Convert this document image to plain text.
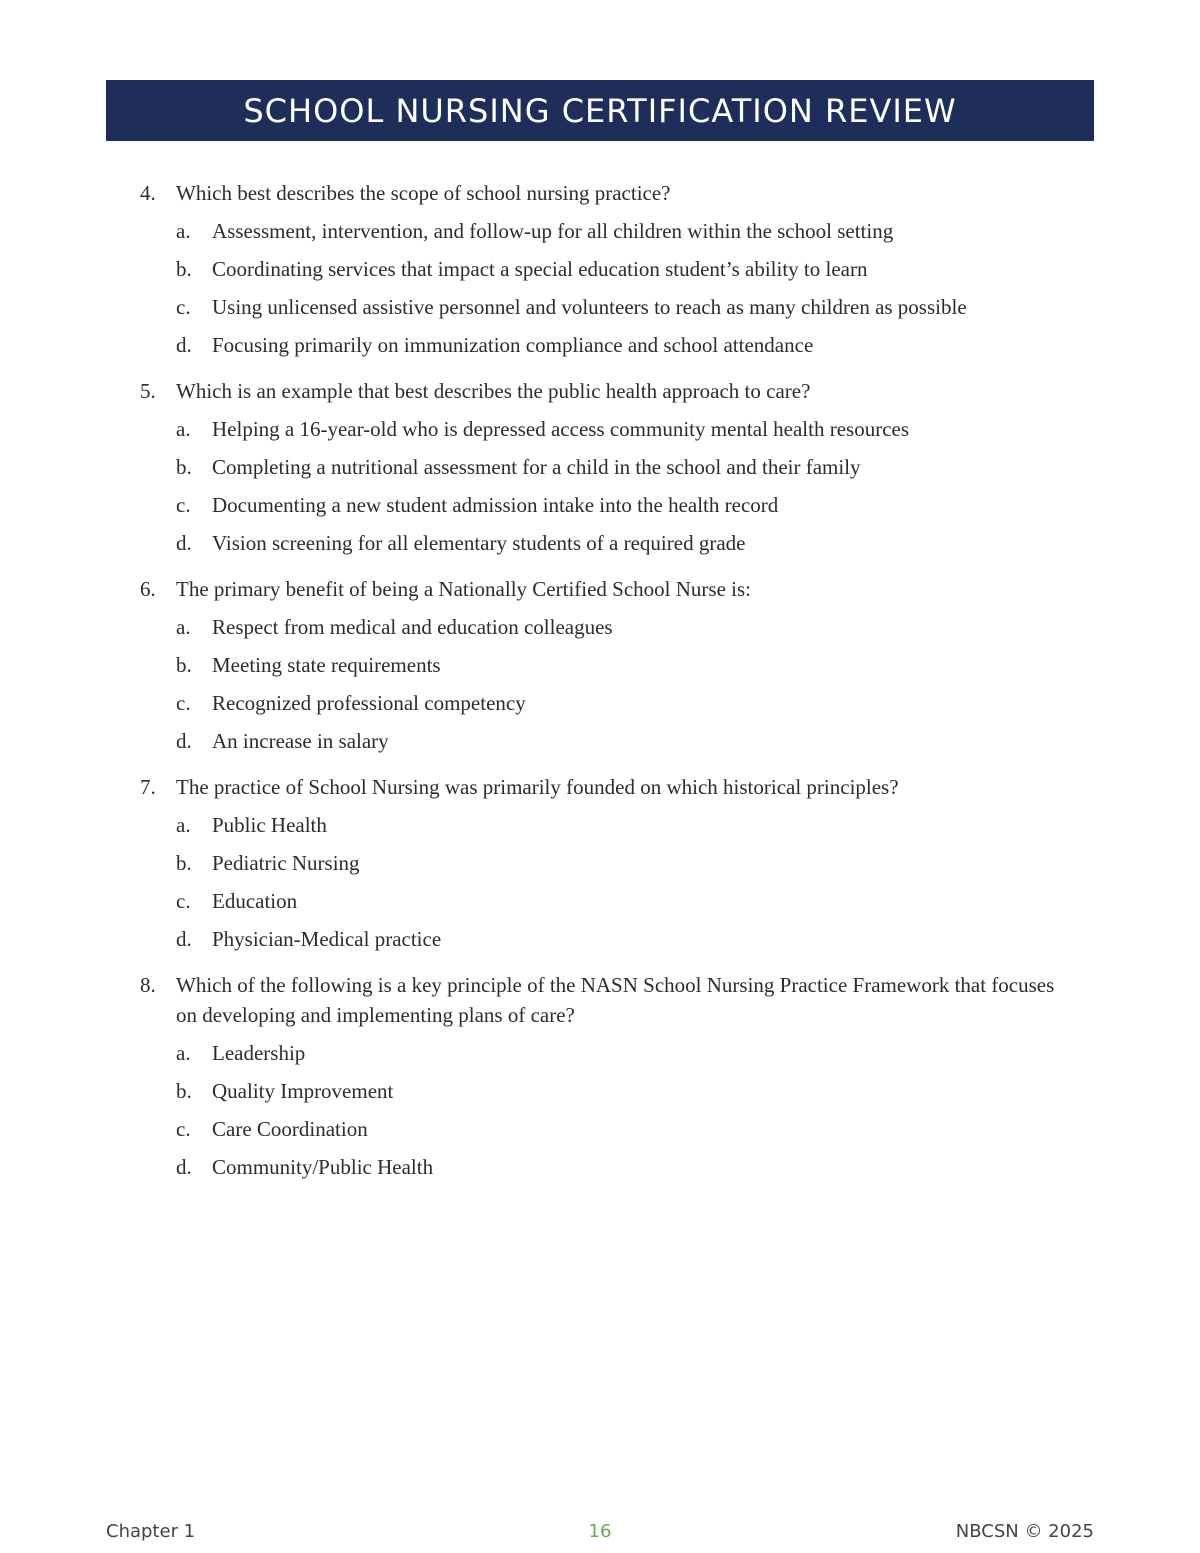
SCHOOL NURSING CERTIFICATION REVIEW
4. Which best describes the scope of school nursing practice?
a.	Assessment, intervention, and follow-up for all children within the school setting
b. Coordinating services that impact a special education student’s ability to learn
c.	Using unlicensed assistive personnel and volunteers to reach as many children as possible
d. Focusing primarily on immunization compliance and school attendance
5. Which is an example that best describes the public health approach to care?
a.	Helping a 16-year-old who is depressed access community mental health resources
b. Completing a nutritional assessment for a child in the school and their family
c.	Documenting a new student admission intake into the health record
d. Vision screening for all elementary students of a required grade
6. The primary benefit of being a Nationally Certified School Nurse is:
a.	Respect from medical and education colleagues
b. Meeting state requirements
c.	Recognized professional competency
d. An increase in salary
7. The practice of School Nursing was primarily founded on which historical principles?
a.	Public Health
b. Pediatric Nursing
c.	Education
d. Physician-Medical practice
8. Which of the following is a key principle of the NASN School Nursing Practice Framework that focuses on developing and implementing plans of care?
a.	Leadership
b. Quality Improvement
c.	Care Coordination
d. Community/Public Health
Chapter 1	16	NBCSN © 2025
